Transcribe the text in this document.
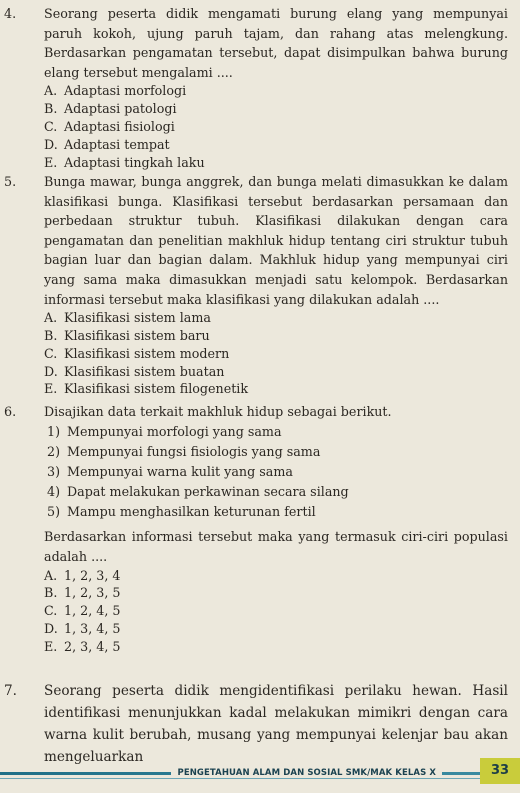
4. Seorang peserta didik mengamati burung elang yang mempunyai paruh kokoh, ujung paruh tajam, dan rahang atas melengkung. Berdasarkan pengamatan tersebut, dapat disimpulkan bahwa burung elang tersebut mengalami ....
A. Adaptasi morfologi
B. Adaptasi patologi
C. Adaptasi fisiologi
D. Adaptasi tempat
E. Adaptasi tingkah laku
5. Bunga mawar, bunga anggrek, dan bunga melati dimasukkan ke dalam klasifikasi bunga. Klasifikasi tersebut berdasarkan persamaan dan perbedaan struktur tubuh. Klasifikasi dilakukan dengan cara pengamatan dan penelitian makhluk hidup tentang ciri struktur tubuh bagian luar dan bagian dalam. Makhluk hidup yang mempunyai ciri yang sama maka dimasukkan menjadi satu kelompok. Berdasarkan informasi tersebut maka klasifikasi yang dilakukan adalah ....
A. Klasifikasi sistem lama
B. Klasifikasi sistem baru
C. Klasifikasi sistem modern
D. Klasifikasi sistem buatan
E. Klasifikasi sistem filogenetik
6. Disajikan data terkait makhluk hidup sebagai berikut.
1) Mempunyai morfologi yang sama
2) Mempunyai fungsi fisiologis yang sama
3) Mempunyai warna kulit yang sama
4) Dapat melakukan perkawinan secara silang
5) Mampu menghasilkan keturunan fertil
Berdasarkan informasi tersebut maka yang termasuk ciri-ciri populasi adalah ....
A. 1, 2, 3, 4
B. 1, 2, 3, 5
C. 1, 2, 4, 5
D. 1, 3, 4, 5
E. 2, 3, 4, 5
7. Seorang peserta didik mengidentifikasi perilaku hewan. Hasil identifikasi menunjukkan kadal melakukan mimikri dengan cara warna kulit berubah, musang yang mempunyai kelenjar bau akan mengeluarkan
PENGETAHUAN ALAM DAN SOSIAL SMK/MAK KELAS X	33
